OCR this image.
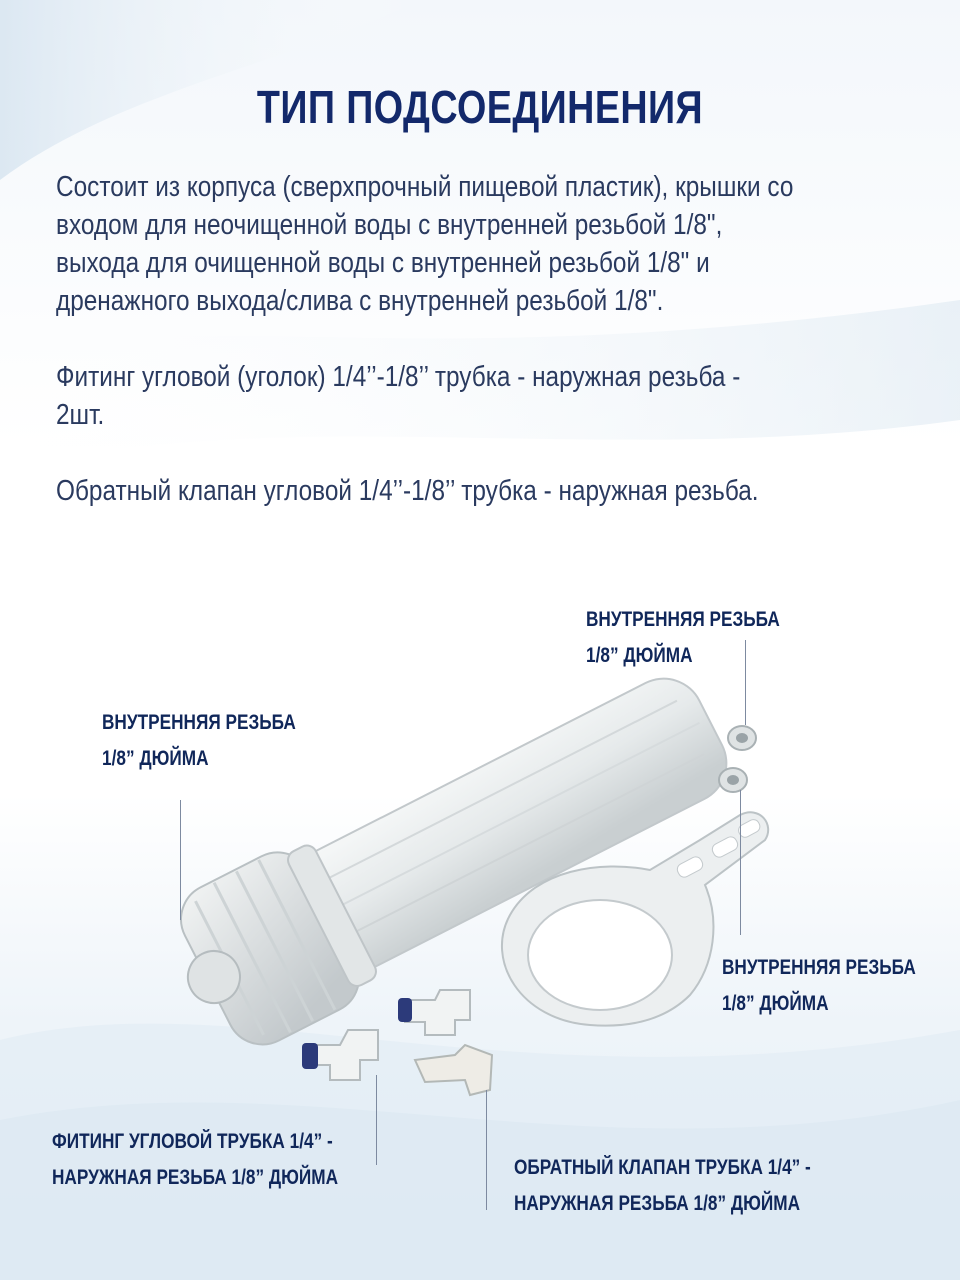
ТИП ПОДСОЕДИНЕНИЯ

Состоит из корпуса (сверхпрочный пищевой пластик), крышки со
входом для неочищенной воды с внутренней резьбой 1/8",
выхода для очищенной воды с внутренней резьбой 1/8" и
дренажного выхода/слива с внутренней резьбой 1/8".

Фитинг угловой (уголок) 1/4’’-1/8’’ трубка - наружная резьба -
2шт.

Обратный клапан угловой 1/4’’-1/8’’ трубка - наружная резьба.

ВНУТРЕННЯЯ РЕЗЬБА
1/8” ДЮЙМА
ВНУТРЕННЯЯ РЕЗЬБА
1/8” ДЮЙМА
ВНУТРЕННЯЯ РЕЗЬБА
1/8” ДЮЙМА
ФИТИНГ УГЛОВОЙ ТРУБКА 1/4” -
НАРУЖНАЯ РЕЗЬБА 1/8” ДЮЙМА	ОБРАТНЫЙ КЛАПАН ТРУБКА 1/4” -
НАРУЖНАЯ РЕЗЬБА 1/8” ДЮЙМА
